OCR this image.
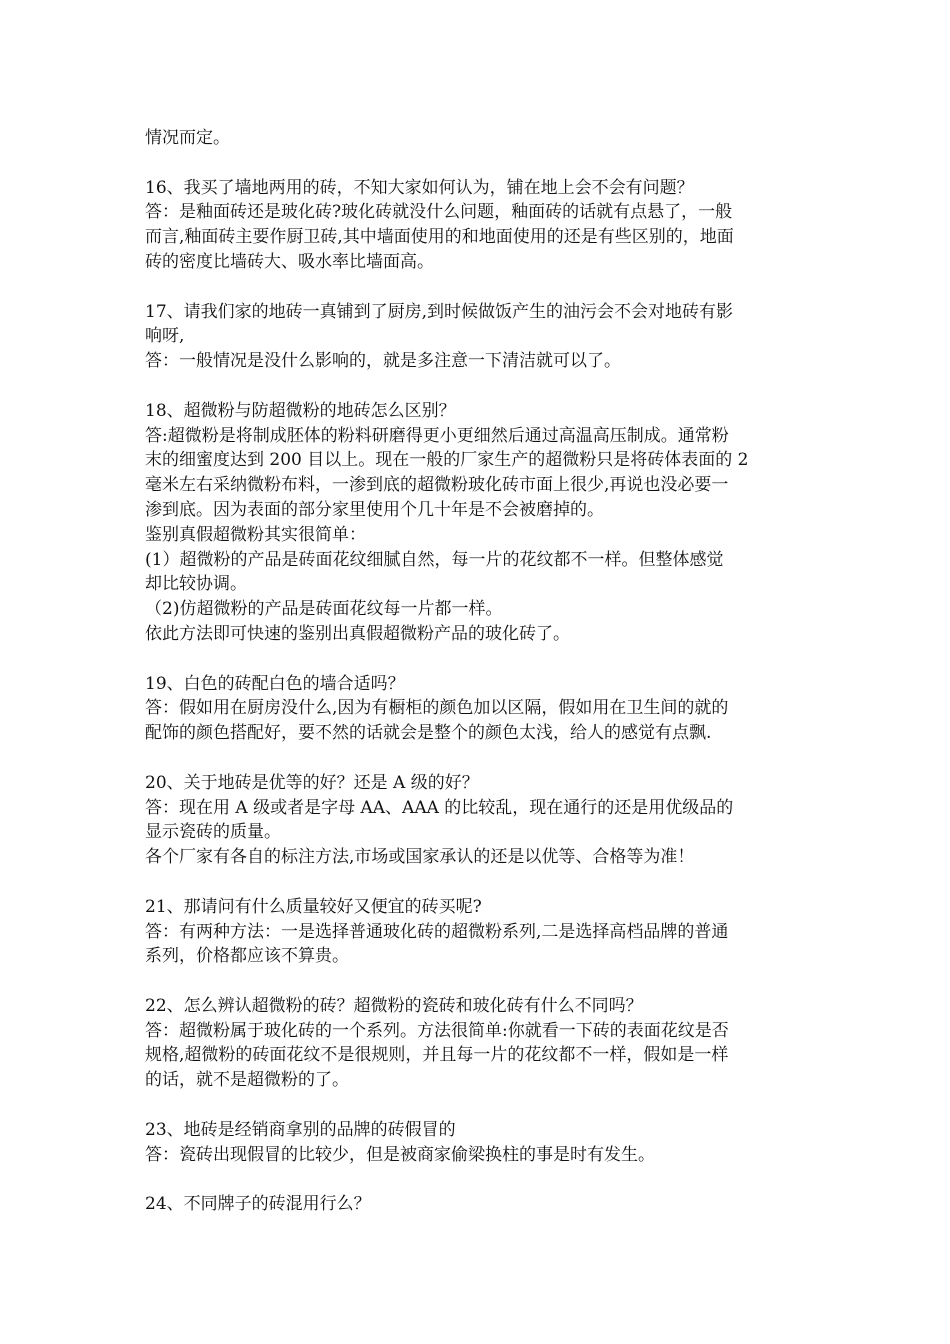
情况而定。
16、我买了墙地两用的砖，不知大家如何认为，铺在地上会不会有问题？
答：是釉面砖还是玻化砖?玻化砖就没什么问题，釉面砖的话就有点悬了，一般
而言,釉面砖主要作厨卫砖,其中墙面使用的和地面使用的还是有些区别的，地面
砖的密度比墙砖大、吸水率比墙面高。
17、请我们家的地砖一真铺到了厨房,到时候做饭产生的油污会不会对地砖有影
响呀,
答：一般情况是没什么影响的，就是多注意一下清洁就可以了。
18、超微粉与防超微粉的地砖怎么区别？
答:超微粉是将制成胚体的粉料研磨得更小更细然后通过高温高压制成。通常粉
末的细蜜度达到 200 目以上。现在一般的厂家生产的超微粉只是将砖体表面的 2
毫米左右采纳微粉布料，一渗到底的超微粉玻化砖市面上很少,再说也没必要一
渗到底。因为表面的部分家里使用个几十年是不会被磨掉的。
鉴别真假超微粉其实很简单：
(1）超微粉的产品是砖面花纹细腻自然，每一片的花纹都不一样。但整体感觉
却比较协调。
（2)仿超微粉的产品是砖面花纹每一片都一样。
依此方法即可快速的鉴别出真假超微粉产品的玻化砖了。
19、白色的砖配白色的墙合适吗？
答：假如用在厨房没什么,因为有橱柜的颜色加以区隔，假如用在卫生间的就的
配饰的颜色搭配好，要不然的话就会是整个的颜色太浅，给人的感觉有点飘.
20、关于地砖是优等的好？还是 A 级的好？
答：现在用 A 级或者是字母 AA、AAA 的比较乱，现在通行的还是用优级品的
显示瓷砖的质量。
各个厂家有各自的标注方法,市场或国家承认的还是以优等、合格等为准！
21、那请问有什么质量较好又便宜的砖买呢?
答：有两种方法：一是选择普通玻化砖的超微粉系列,二是选择高档品牌的普通
系列，价格都应该不算贵。
22、怎么辨认超微粉的砖？超微粉的瓷砖和玻化砖有什么不同吗？
答：超微粉属于玻化砖的一个系列。方法很简单:你就看一下砖的表面花纹是否
规格,超微粉的砖面花纹不是很规则，并且每一片的花纹都不一样，假如是一样
的话，就不是超微粉的了。
23、地砖是经销商拿别的品牌的砖假冒的
答：瓷砖出现假冒的比较少，但是被商家偷梁换柱的事是时有发生。
24、不同牌子的砖混用行么？
